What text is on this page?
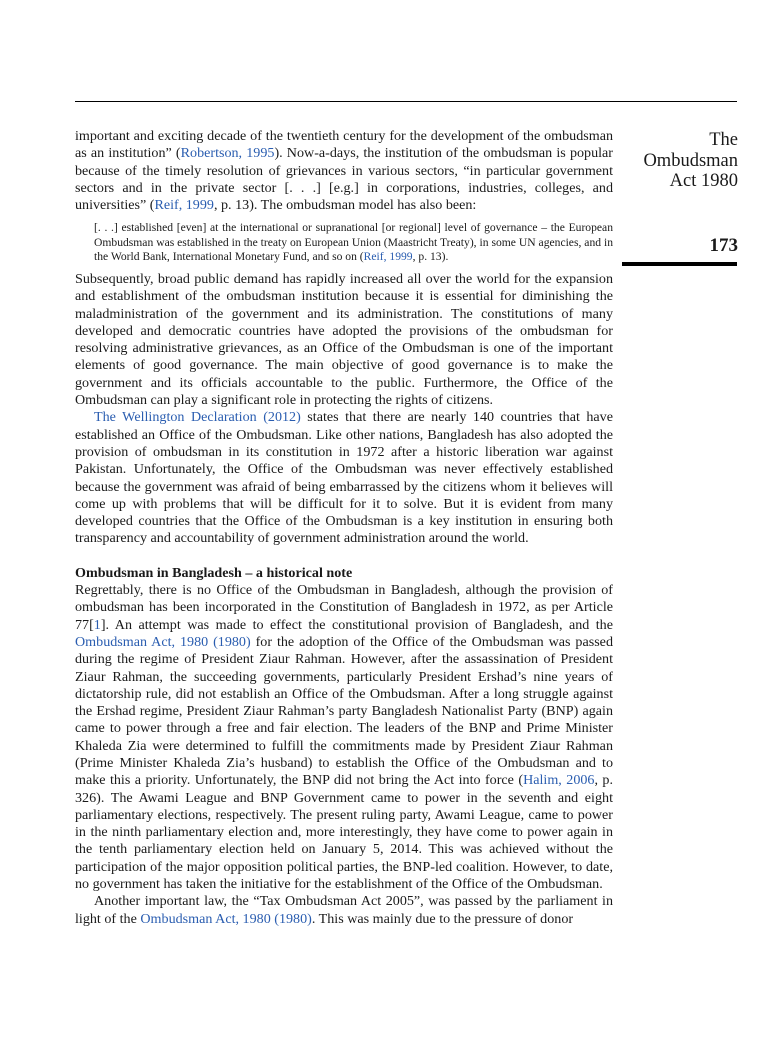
The
Ombudsman
Act 1980
173

important and exciting decade of the twentieth century for the development of the ombudsman as an institution” (Robertson, 1995). Now-a-days, the institution of the ombudsman is popular because of the timely resolution of grievances in various sectors, “in particular government sectors and in the private sector [. . .] [e.g.] in corporations, industries, colleges, and universities” (Reif, 1999, p. 13). The ombudsman model has also been:

[. . .] established [even] at the international or supranational [or regional] level of governance – the European Ombudsman was established in the treaty on European Union (Maastricht Treaty), in some UN agencies, and in the World Bank, International Monetary Fund, and so on (Reif, 1999, p. 13).

Subsequently, broad public demand has rapidly increased all over the world for the expansion and establishment of the ombudsman institution because it is essential for diminishing the maladministration of the government and its administration. The constitutions of many developed and democratic countries have adopted the provisions of the ombudsman for resolving administrative grievances, as an Office of the Ombudsman is one of the important elements of good governance. The main objective of good governance is to make the government and its officials accountable to the public. Furthermore, the Office of the Ombudsman can play a significant role in protecting the rights of citizens.

The Wellington Declaration (2012) states that there are nearly 140 countries that have established an Office of the Ombudsman. Like other nations, Bangladesh has also adopted the provision of ombudsman in its constitution in 1972 after a historic liberation war against Pakistan. Unfortunately, the Office of the Ombudsman was never effectively established because the government was afraid of being embarrassed by the citizens whom it believes will come up with problems that will be difficult for it to solve. But it is evident from many developed countries that the Office of the Ombudsman is a key institution in ensuring both transparency and accountability of government administration around the world.

Ombudsman in Bangladesh – a historical note

Regrettably, there is no Office of the Ombudsman in Bangladesh, although the provision of ombudsman has been incorporated in the Constitution of Bangladesh in 1972, as per Article 77[1]. An attempt was made to effect the constitutional provision of Bangladesh, and the Ombudsman Act, 1980 (1980) for the adoption of the Office of the Ombudsman was passed during the regime of President Ziaur Rahman. However, after the assassination of President Ziaur Rahman, the succeeding governments, particularly President Ershad’s nine years of dictatorship rule, did not establish an Office of the Ombudsman. After a long struggle against the Ershad regime, President Ziaur Rahman’s party Bangladesh Nationalist Party (BNP) again came to power through a free and fair election. The leaders of the BNP and Prime Minister Khaleda Zia were determined to fulfill the commitments made by President Ziaur Rahman (Prime Minister Khaleda Zia’s husband) to establish the Office of the Ombudsman and to make this a priority. Unfortunately, the BNP did not bring the Act into force (Halim, 2006, p. 326). The Awami League and BNP Government came to power in the seventh and eight parliamentary elections, respectively. The present ruling party, Awami League, came to power in the ninth parliamentary election and, more interestingly, they have come to power again in the tenth parliamentary election held on January 5, 2014. This was achieved without the participation of the major opposition political parties, the BNP-led coalition. However, to date, no government has taken the initiative for the establishment of the Office of the Ombudsman.

Another important law, the “Tax Ombudsman Act 2005”, was passed by the parliament in light of the Ombudsman Act, 1980 (1980). This was mainly due to the pressure of donor
